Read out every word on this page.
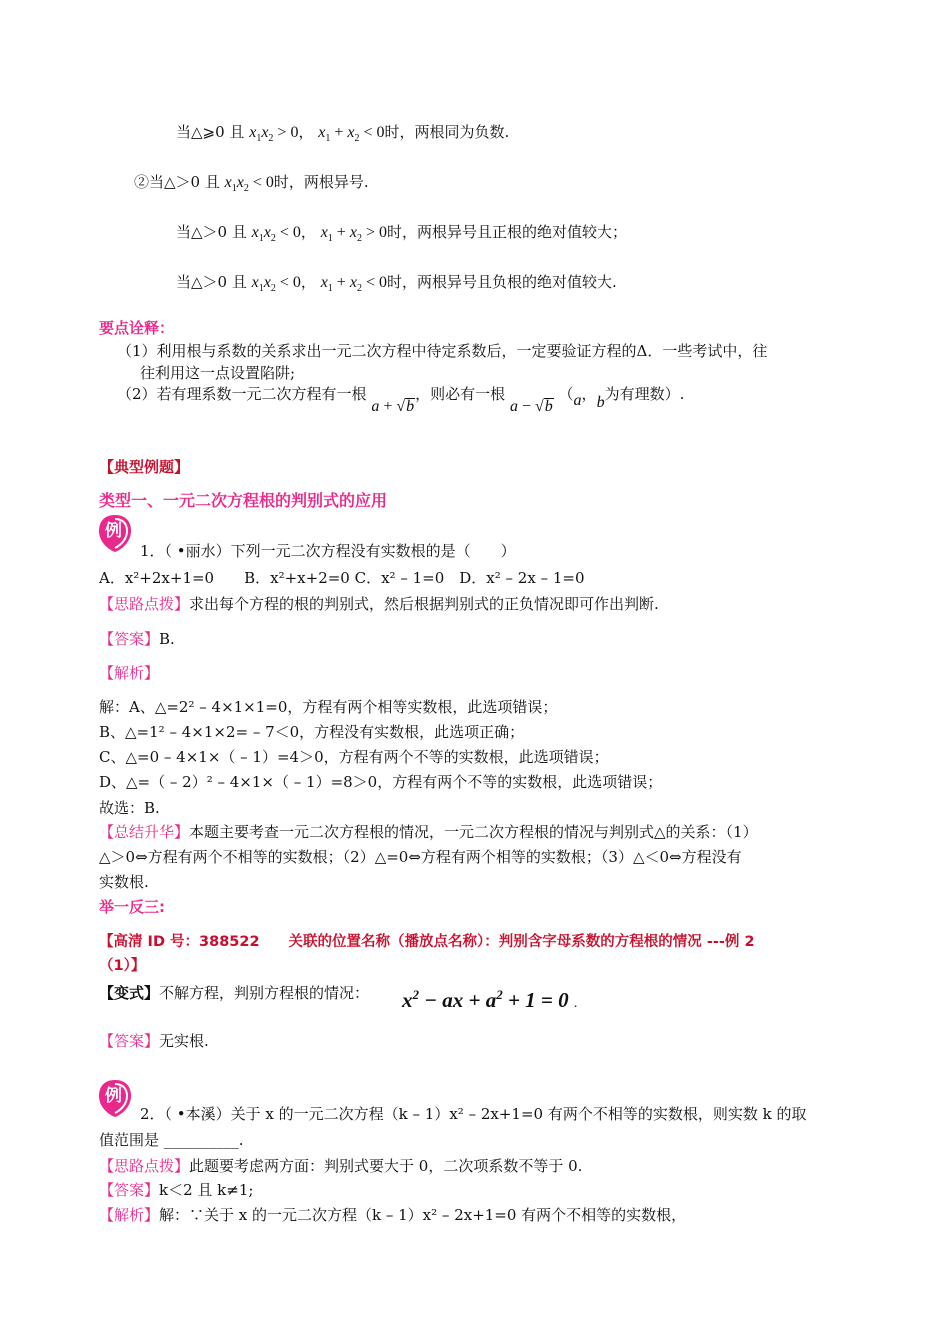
当△⩾0 且 $x_1x_2 > 0$， $x_1 + x_2 < 0$时，两根同为负数.
②当△＞0 且 $x_1x_2 < 0$时，两根异号.
当△＞0 且 $x_1x_2 < 0$， $x_1 + x_2 > 0$时，两根异号且正根的绝对值较大；
当△＞0 且 $x_1x_2 < 0$， $x_1 + x_2 < 0$时，两根异号且负根的绝对值较大.
要点诠释：
（1）利用根与系数的关系求出一元二次方程中待定系数后，一定要验证方程的Δ．一些考试中，往
往利用这一点设置陷阱;
（2）若有理系数一元二次方程有一根 a + √b，则必有一根 a − √b （a，b为有理数）.
【典型例题】
类型一、一元二次方程根的判别式的应用
例
1．（ •丽水）下列一元二次方程没有实数根的是（　　）
A．x²+2x+1=0　　B．x²+x+2=0 C．x² – 1=0　D．x² – 2x – 1=0
【思路点拨】求出每个方程的根的判别式，然后根据判别式的正负情况即可作出判断.
【答案】B.
【解析】
解：A、△=2² – 4×1×1=0，方程有两个相等实数根，此选项错误；
B、△=1² – 4×1×2= – 7＜0，方程没有实数根，此选项正确；
C、△=0 – 4×1×（ – 1）=4＞0，方程有两个不等的实数根，此选项错误；
D、△=（ – 2）² – 4×1×（ – 1）=8＞0，方程有两个不等的实数根，此选项错误；
故选：B.
【总结升华】本题主要考查一元二次方程根的情况，一元二次方程根的情况与判别式△的关系：（1）
△＞0⇔方程有两个不相等的实数根；（2）△=0⇔方程有两个相等的实数根；（3）△＜0⇔方程没有
实数根.
举一反三:
【高清 ID 号：388522　　关联的位置名称（播放点名称）：判别含字母系数的方程根的情况 ---例 2
（1）】
【变式】不解方程，判别方程根的情况： $x^2$ − ax + $a^2 + 1 = 0$ .
【答案】无实根.
例
2．（ •本溪）关于 x 的一元二次方程（k – 1）x² – 2x+1=0 有两个不相等的实数根，则实数 k 的取
值范围是 __________.
【思路点拨】此题要考虑两方面：判别式要大于 0，二次项系数不等于 0.
【答案】k＜2 且 k≠1;
【解析】解：∵关于 x 的一元二次方程（k – 1）x² – 2x+1=0 有两个不相等的实数根，
